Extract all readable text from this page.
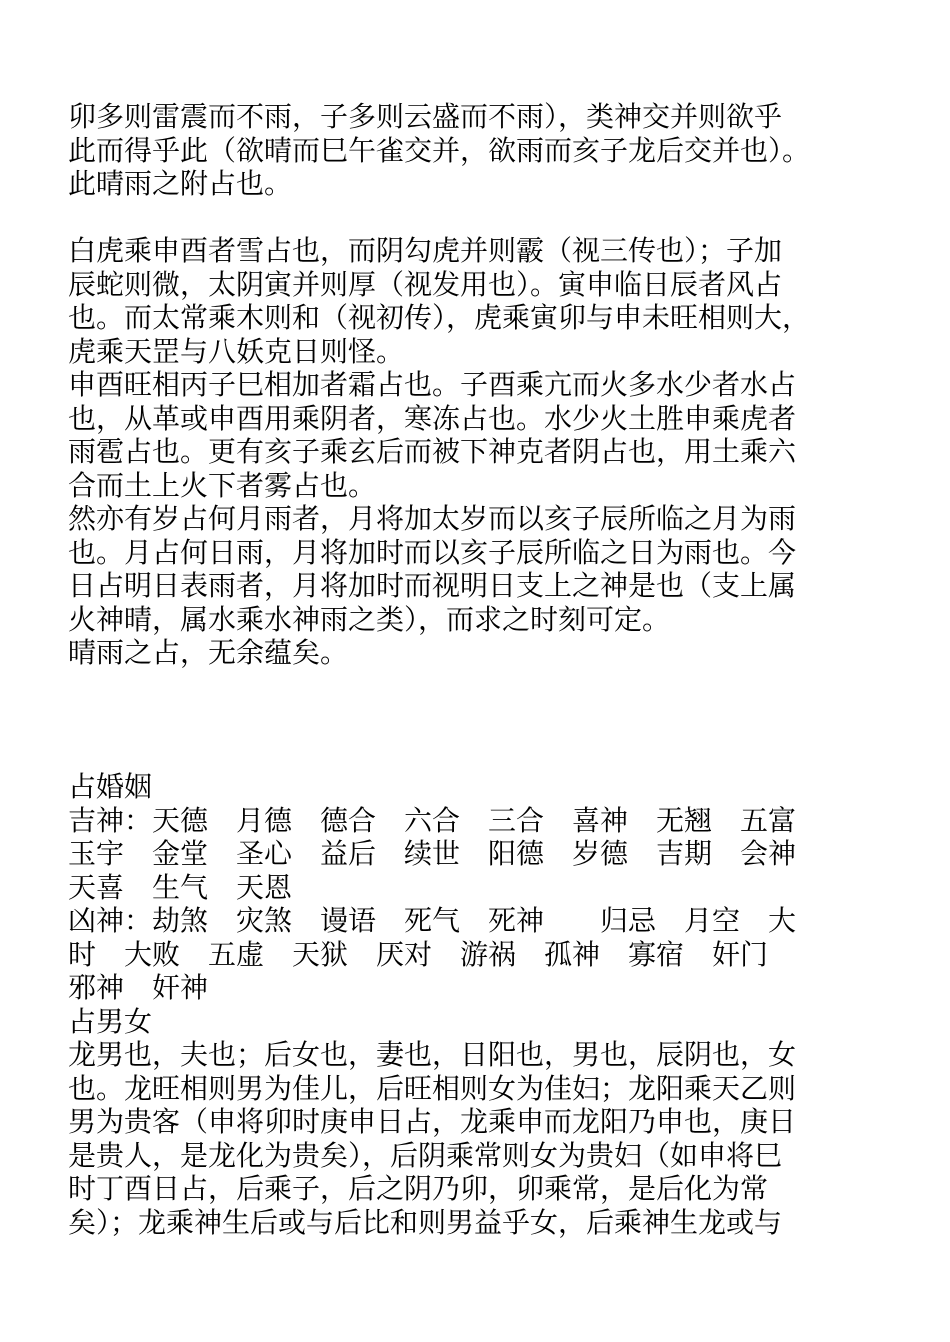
卯多则雷震而不雨，子多则云盛而不雨），类神交并则欲乎
此而得乎此（欲晴而巳午雀交并，欲雨而亥子龙后交并也）。
此晴雨之附占也。
白虎乘申酉者雪占也，而阴勾虎并则霰（视三传也）；子加
辰蛇则微，太阴寅并则厚（视发用也）。寅申临日辰者风占
也。而太常乘木则和（视初传），虎乘寅卯与申未旺相则大，
虎乘天罡与八妖克日则怪。
申酉旺相丙子巳相加者霜占也。子酉乘亢而火多水少者水占
也，从革或申酉用乘阴者，寒冻占也。水少火土胜申乘虎者
雨雹占也。更有亥子乘玄后而被下神克者阴占也，用土乘六
合而土上火下者雾占也。
然亦有岁占何月雨者，月将加太岁而以亥子辰所临之月为雨
也。月占何日雨，月将加时而以亥子辰所临之日为雨也。今
日占明日表雨者，月将加时而视明日支上之神是也（支上属
火神晴，属水乘水神雨之类），而求之时刻可定。
晴雨之占，无余蕴矣。
占婚姻
吉神：天德　月德　德合　六合　三合　喜神　无翘　五富
玉宇　金堂　圣心　益后　续世　阳德　岁德　吉期　会神
天喜　生气　天恩
凶神：劫煞　灾煞　谩语　死气　死神　　归忌　月空　大
时　大败　五虚　天狱　厌对　游祸　孤神　寡宿　奸门
邪神　奸神
占男女
龙男也，夫也；后女也，妻也，日阳也，男也，辰阴也，女
也。龙旺相则男为佳儿，后旺相则女为佳妇；龙阳乘天乙则
男为贵客（申将卯时庚申日占，龙乘申而龙阳乃申也，庚日
是贵人，是龙化为贵矣），后阴乘常则女为贵妇（如申将巳
时丁酉日占，后乘子，后之阴乃卯，卯乘常，是后化为常
矣）；龙乘神生后或与后比和则男益乎女，后乘神生龙或与
